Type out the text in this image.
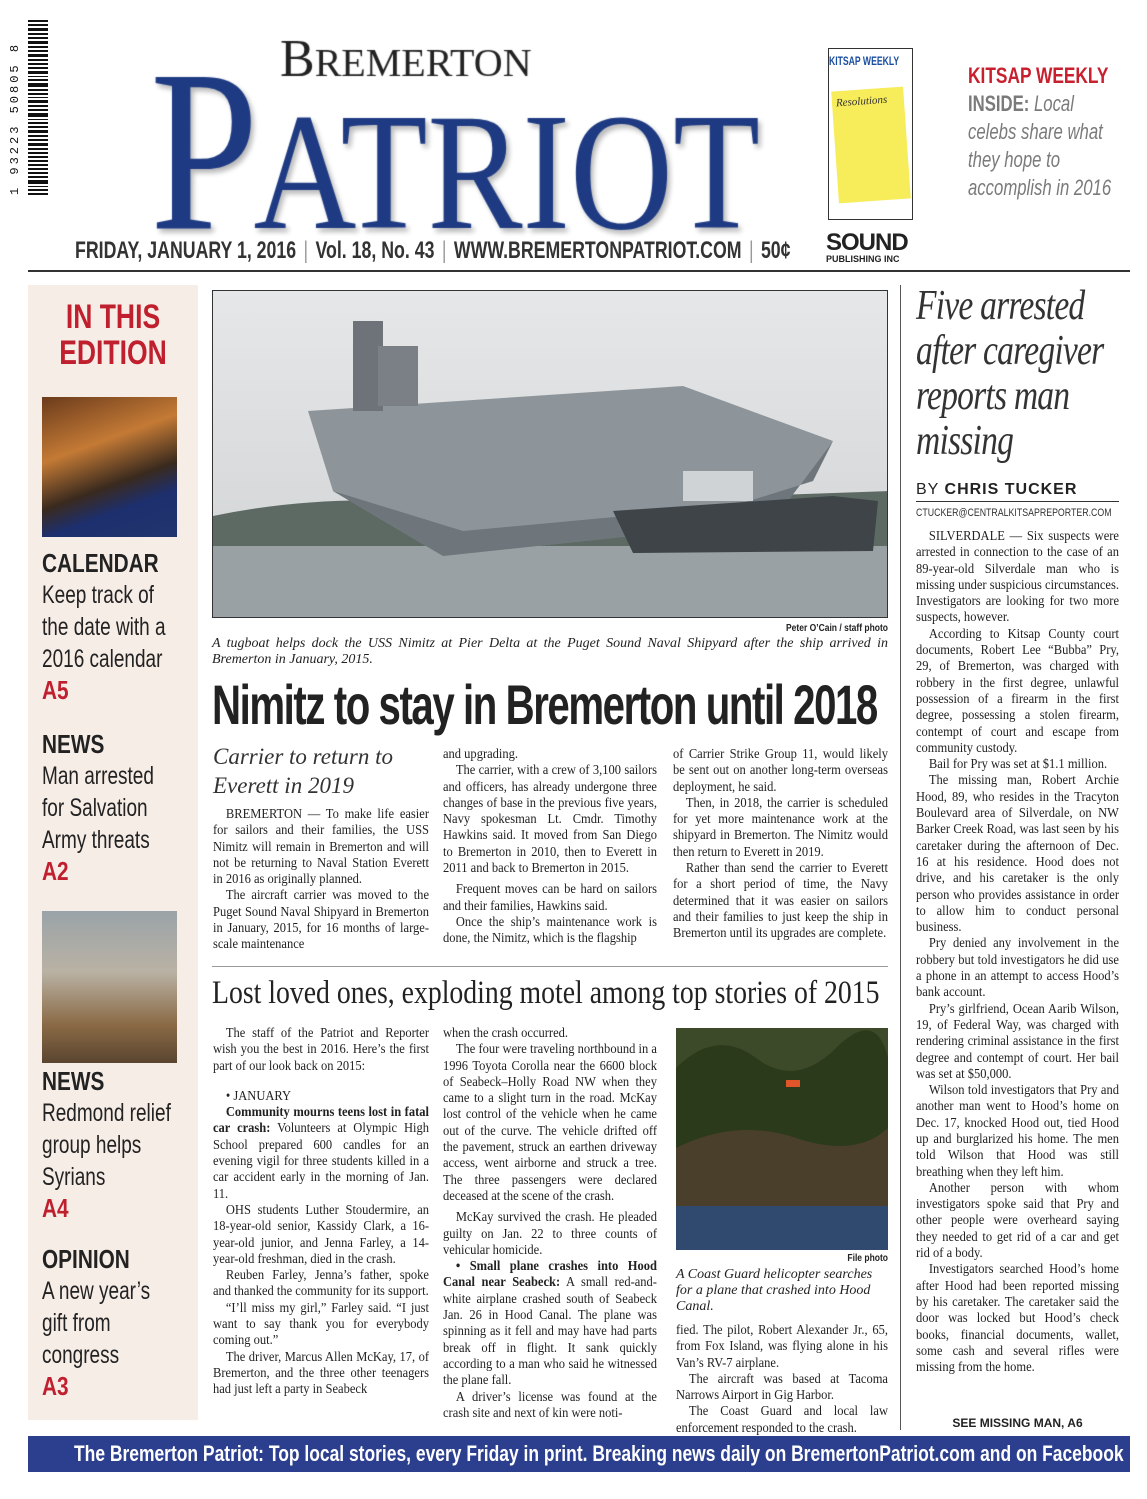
1 93223 50805 8	KITSAP WEEKLY
Resolutions
KITSAP WEEKLY
INSIDE: Local
celebs share what
they hope to
accomplish in 2016
FRIDAY, JANUARY 1, 2016 | Vol. 18, No. 43 | WWW.BREMERTONPATRIOT.COM | 50¢ SOUND
PUBLISHING INC
IN THIS
EDITION
CALENDAR
Keep track of
the date with a
2016 calendar
A5
NEWS
Man arrested
for Salvation
Army threats
A2
NEWS
Redmond relief
group helps
Syrians
A4
OPINION
A new year’s
gift from
congress
A3
Peter O’Cain / staff photo
A tugboat helps dock the USS Nimitz at Pier Delta at the Puget Sound Naval Shipyard after the ship arrived in Bremerton in January, 2015.
Nimitz to stay in Bremerton until 2018
Carrier to return to Everett in 2019

BREMERTON — To make life easier for sailors and their families, the USS Nimitz will remain in Bremerton and will not be returning to Naval Station Everett in 2016 as originally planned.

The aircraft carrier was moved to the Puget Sound Naval Shipyard in Bremerton in January, 2015, for 16 months of large-scale maintenance

and upgrading.

The carrier, with a crew of 3,100 sailors and officers, has already undergone three changes of base in the previous five years, Navy spokesman Lt. Cmdr. Timothy Hawkins said. It moved from San Diego to Bremerton in 2010, then to Everett in 2011 and back to Bremerton in 2015.

Frequent moves can be hard on sailors and their families, Hawkins said.

Once the ship’s maintenance work is done, the Nimitz, which is the flagship

of Carrier Strike Group 11, would likely be sent out on another long-term overseas deployment, he said.

Then, in 2018, the carrier is scheduled for yet more maintenance work at the shipyard in Bremerton. The Nimitz would then return to Everett in 2019.

Rather than send the carrier to Everett for a short period of time, the Navy determined that it was easier on sailors and their families to just keep the ship in Bremerton until its upgrades are complete.

Lost loved ones, exploding motel among top stories of 2015

The staff of the Patriot and Reporter wish you the best in 2016. Here’s the first part of our look back on 2015:

• JANUARY

Community mourns teens lost in fatal car crash: Volunteers at Olympic High School prepared 600 candles for an evening vigil for three students killed in a car accident early in the morning of Jan. 11.

OHS students Luther Stoudermire, an 18-year-old senior, Kassidy Clark, a 16-year-old junior, and Jenna Farley, a 14-year-old freshman, died in the crash.

Reuben Farley, Jenna’s father, spoke and thanked the community for its support.

“I’ll miss my girl,” Farley said. “I just want to say thank you for everybody coming out.”

The driver, Marcus Allen McKay, 17, of Bremerton, and the three other teenagers had just left a party in Seabeck

when the crash occurred.

The four were traveling northbound in a 1996 Toyota Corolla near the 6600 block of Seabeck–Holly Road NW when they came to a slight turn in the road. McKay lost control of the vehicle when he came out of the curve. The vehicle drifted off the pavement, struck an earthen driveway access, went airborne and struck a tree. The three passengers were declared deceased at the scene of the crash.

McKay survived the crash. He pleaded guilty on Jan. 22 to three counts of vehicular homicide.

• Small plane crashes into Hood Canal near Seabeck: A small red-and-white airplane crashed south of Seabeck Jan. 26 in Hood Canal. The plane was spinning as it fell and may have had parts break off in flight. It sank quickly according to a man who said he witnessed the plane fall.

A driver’s license was found at the crash site and next of kin were noti-

File photo
A Coast Guard helicopter searches for a plane that crashed into Hood Canal.

fied. The pilot, Robert Alexander Jr., 65, from Fox Island, was flying alone in his Van’s RV-7 airplane.

The aircraft was based at Tacoma Narrows Airport in Gig Harbor.

The Coast Guard and local law enforcement responded to the crash.

Five arrested after caregiver reports man missing
BY CHRIS TUCKER
CTUCKER@CENTRALKITSAPREPORTER.COM

SILVERDALE — Six suspects were arrested in connection to the case of an 89-year-old Silverdale man who is missing under suspicious circumstances. Investigators are looking for two more suspects, however.

According to Kitsap County court documents, Robert Lee “Bubba” Pry, 29, of Bremerton, was charged with robbery in the first degree, unlawful possession of a firearm in the first degree, possessing a stolen firearm, contempt of court and escape from community custody.

Bail for Pry was set at $1.1 million.

The missing man, Robert Archie Hood, 89, who resides in the Tracyton Boulevard area of Silverdale, on NW Barker Creek Road, was last seen by his caretaker during the afternoon of Dec. 16 at his residence. Hood does not drive, and his caretaker is the only person who provides assistance in order to allow him to conduct personal business.

Pry denied any involvement in the robbery but told investigators he did use a phone in an attempt to access Hood’s bank account.

Pry’s girlfriend, Ocean Aarib Wilson, 19, of Federal Way, was charged with rendering criminal assistance in the first degree and contempt of court. Her bail was set at $50,000.

Wilson told investigators that Pry and another man went to Hood’s home on Dec. 17, knocked Hood out, tied Hood up and burglarized his home. The men told Wilson that Hood was still breathing when they left him.

Another person with whom investigators spoke said that Pry and other people were overheard saying they needed to get rid of a car and get rid of a body.

Investigators searched Hood’s home after Hood had been reported missing by his caretaker. The caretaker said the door was locked but Hood’s check books, financial documents, wallet, some cash and several rifles were missing from the home.

SEE MISSING MAN, A6
The Bremerton Patriot: Top local stories, every Friday in print. Breaking news daily on BremertonPatriot.com and on Facebook
